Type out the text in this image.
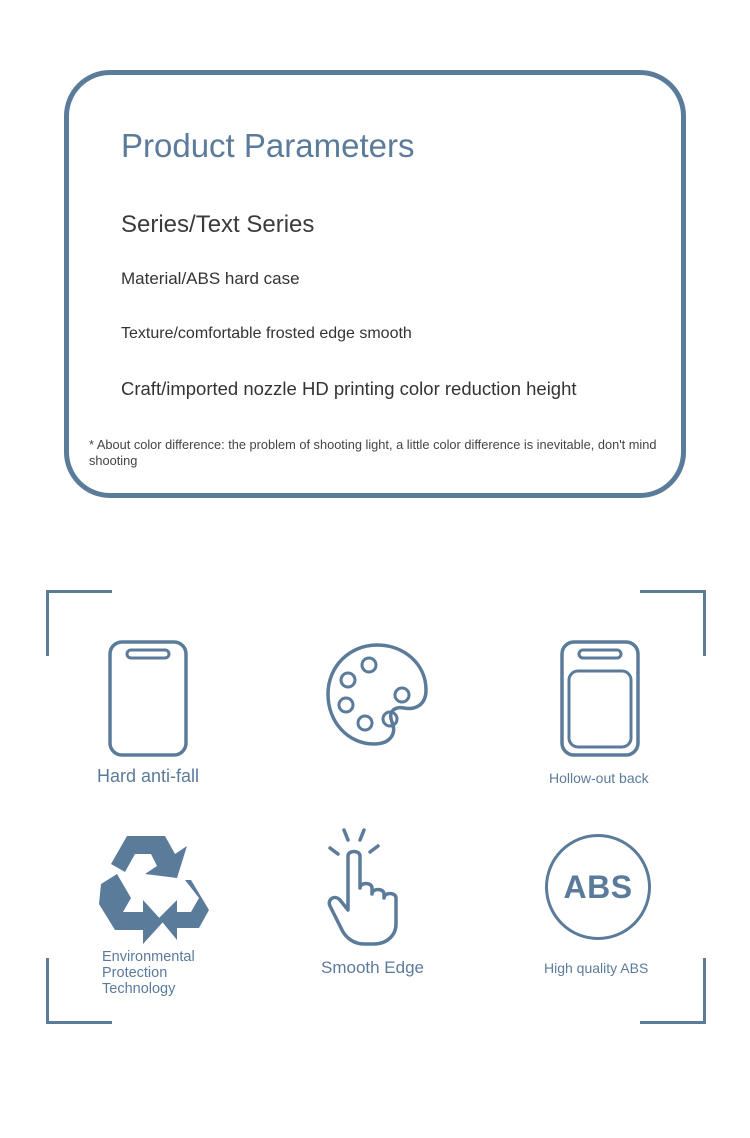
Product Parameters
Series/Text Series
Material/ABS hard case
Texture/comfortable frosted edge smooth
Craft/imported nozzle HD printing color reduction height
* About color difference: the problem of shooting light, a little color difference is inevitable, don't mind shooting
Hard anti-fall	Hollow-out back
Environmental Protection Technology
Smooth Edge
ABS
High quality ABS
